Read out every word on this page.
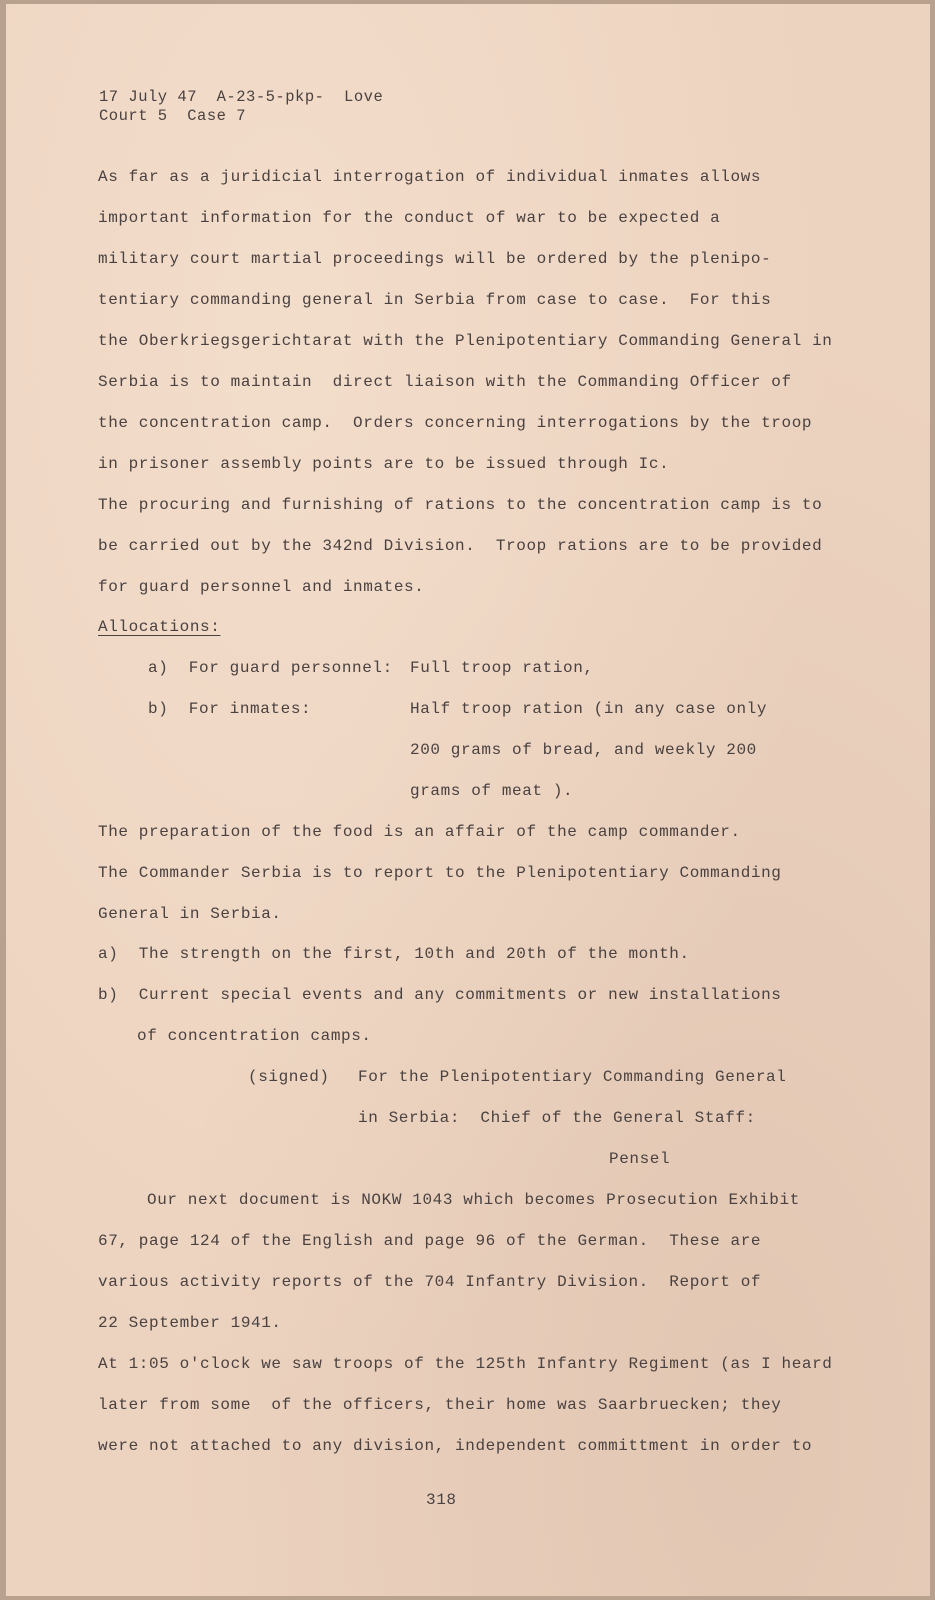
17 July 47  A-23-5-pkp-  Love
Court 5  Case 7
As far as a juridicial interrogation of individual inmates allows
important information for the conduct of war to be expected a
military court martial proceedings will be ordered by the plenipo-
tentiary commanding general in Serbia from case to case.  For this
the Oberkriegsgerichtarat with the Plenipotentiary Commanding General in
Serbia is to maintain  direct liaison with the Commanding Officer of
the concentration camp.  Orders concerning interrogations by the troop
in prisoner assembly points are to be issued through Ic.
The procuring and furnishing of rations to the concentration camp is to
be carried out by the 342nd Division.  Troop rations are to be provided
for guard personnel and inmates.
Allocations:
a)  For guard personnel: Full troop ration,
b)  For inmates:	Half troop ration (in any case only
200 grams of bread, and weekly 200
grams of meat ).
The preparation of the food is an affair of the camp commander.
The Commander Serbia is to report to the Plenipotentiary Commanding
General in Serbia.
a)  The strength on the first, 10th and 20th of the month.
b)  Current special events and any commitments or new installations
of concentration camps.
(signed) For the Plenipotentiary Commanding General
in Serbia:  Chief of the General Staff:
Pensel
Our next document is NOKW 1043 which becomes Prosecution Exhibit
67, page 124 of the English and page 96 of the German.  These are
various activity reports of the 704 Infantry Division.  Report of
22 September 1941.
At 1:05 o'clock we saw troops of the 125th Infantry Regiment (as I heard
later from some  of the officers, their home was Saarbruecken; they
were not attached to any division, independent committment in order to
318
